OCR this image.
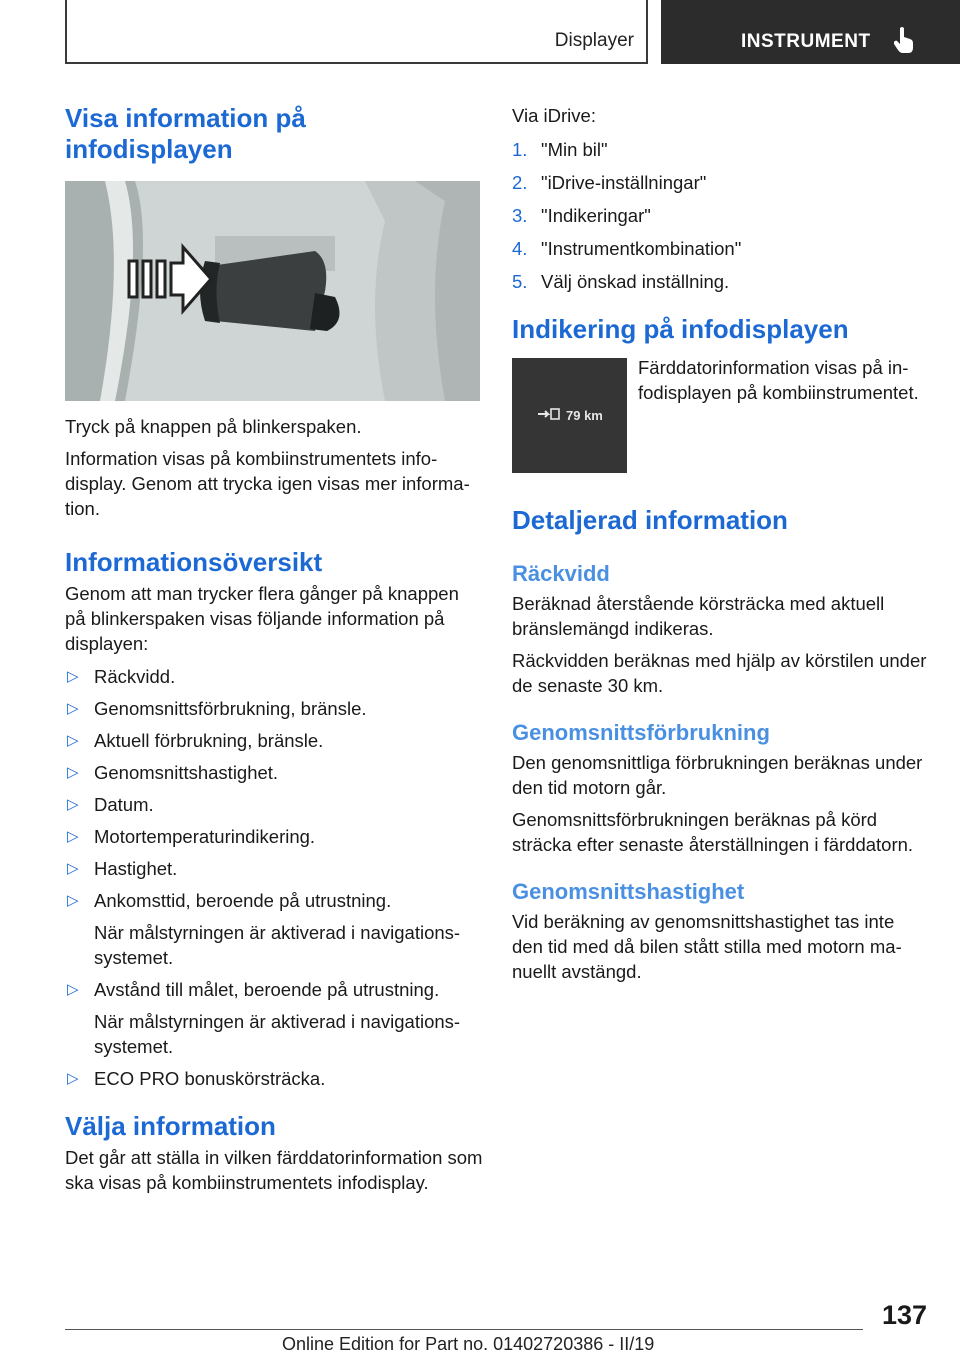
Displayer	INSTRUMENT
Visa information på infodisplayen

Tryck på knappen på blinkerspaken.

Information visas på kombiinstrumentets infodisplay. Genom att trycka igen visas mer information.

Informationsöversikt

Genom att man trycker flera gånger på knappen på blinkerspaken visas följande information på displayen:

▷ Räckvidd.
▷ Genomsnittsförbrukning, bränsle.
▷ Aktuell förbrukning, bränsle.
▷ Genomsnittshastighet.
▷ Datum.
▷ Motortemperaturindikering.
▷ Hastighet.
▷ Ankomsttid, beroende på utrustning.
När målstyrningen är aktiverad i navigationssystemet.
▷ Avstånd till målet, beroende på utrustning.
När målstyrningen är aktiverad i navigationssystemet.
▷ ECO PRO bonuskörsträcka.
Välja information

Det går att ställa in vilken färddatorinformation som ska visas på kombiinstrumentets infodisplay.

Via iDrive:

1. "Min bil"
2. "iDrive-inställningar"
3. "Indikeringar"
4. "Instrumentkombination"
5. Välj önskad inställning.
Indikering på infodisplayen
79 km

Färddatorinformation visas på infodisplayen på kombiinstrumentet.

Detaljerad information
Räckvidd

Beräknad återstående körsträcka med aktuell bränslemängd indikeras.

Räckvidden beräknas med hjälp av körstilen under de senaste 30 km.

Genomsnittsförbrukning

Den genomsnittliga förbrukningen beräknas under den tid motorn går.

Genomsnittsförbrukningen beräknas på körd sträcka efter senaste återställningen i färddatorn.

Genomsnittshastighet

Vid beräkning av genomsnittshastighet tas inte den tid med då bilen stått stilla med motorn manuellt avstängd.

137
Online Edition for Part no. 01402720386 - II/19
